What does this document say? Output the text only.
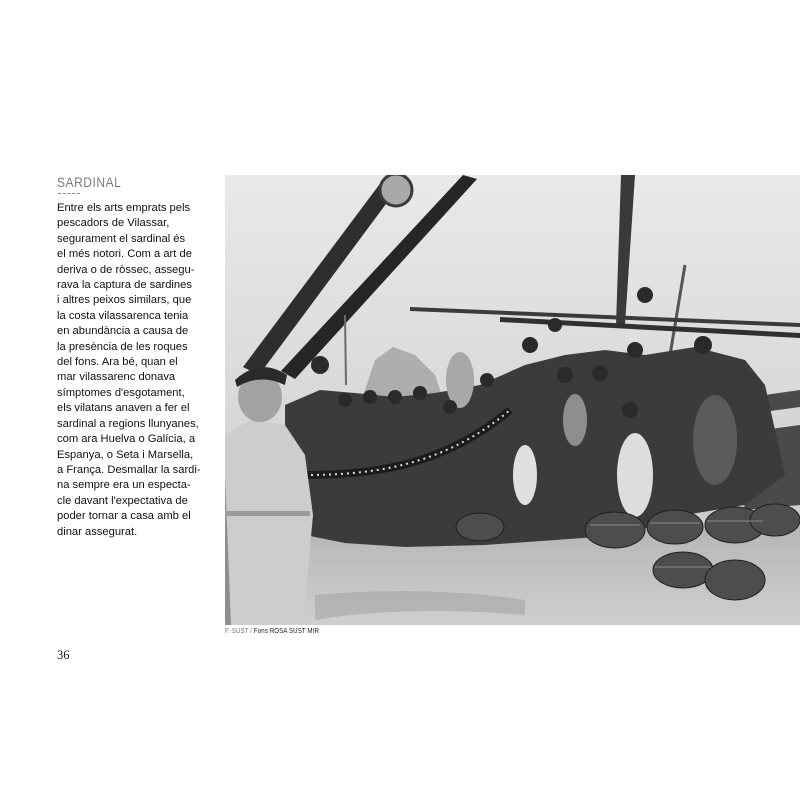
SARDINAL
Entre els arts emprats pels
pescadors de Vilassar,
segurament el sardinal és
el més notori. Com a art de
deriva o de ròssec, assegu-
rava la captura de sardines
i altres peixos similars, que
la costa vilassarenca tenia
en abundància a causa de
la presència de les roques
del fons. Ara bé, quan el
mar vilassarenc donava
símptomes d'esgotament,
els vilatans anaven a fer el
sardinal a regions llunyanes,
com ara Huelva o Galícia, a
Espanya, o Seta i Marsella,
a França. Desmallar la sardi-
na sempre era un especta-
cle davant l'expectativa de
poder tornar a casa amb el
dinar assegurat.
F. SUST / Fons ROSA SUST MIR
36
